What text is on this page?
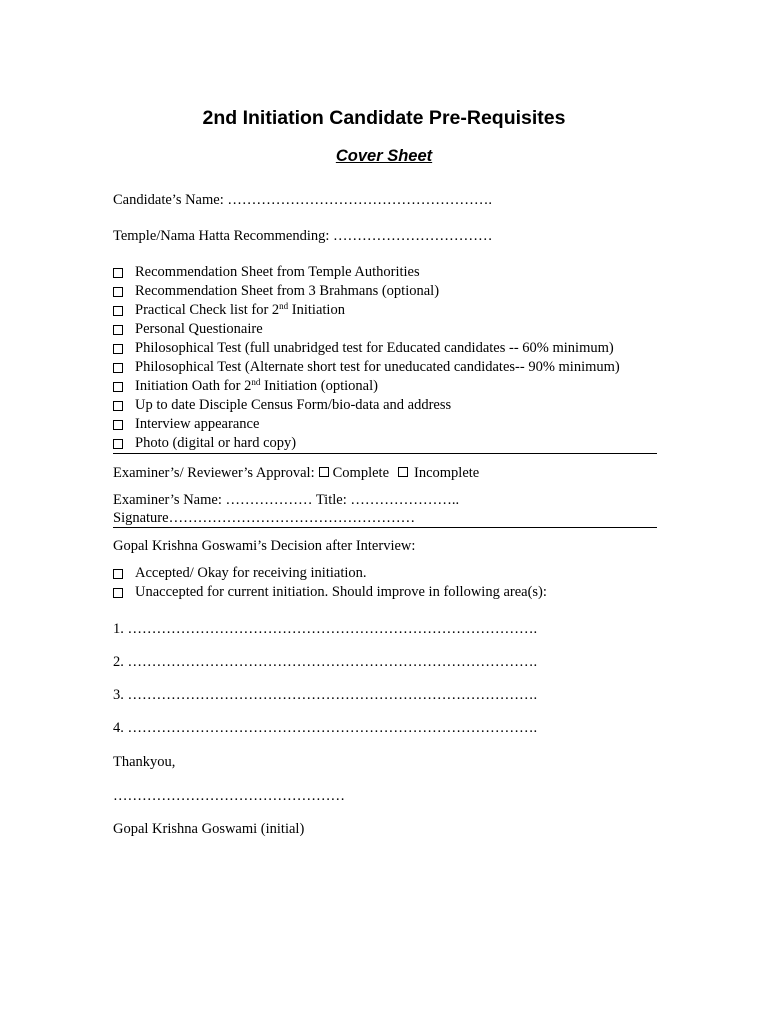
2nd Initiation Candidate Pre-Requisites
Cover Sheet
Candidate’s Name: ……………………………………………….
Temple/Nama Hatta Recommending: ……………………………
Recommendation Sheet from Temple Authorities
Recommendation Sheet from 3 Brahmans (optional)
Practical Check list for 2nd Initiation
Personal Questionaire
Philosophical Test (full unabridged test for Educated candidates -- 60% minimum)
Philosophical Test (Alternate short test for uneducated candidates-- 90% minimum)
Initiation Oath for 2nd Initiation (optional)
Up to date Disciple Census Form/bio-data and address
Interview appearance
Photo (digital or hard copy)
Examiner’s/ Reviewer’s Approval: Complete Incomplete
Examiner’s Name: ……………… Title: …………………..
Signature……………………………………………
Gopal Krishna Goswami’s Decision after Interview:
Accepted/ Okay for receiving initiation.
Unaccepted for current initiation. Should improve in following area(s):
1. ………………………………………………………………………….
2. ………………………………………………………………………….
3. ………………………………………………………………………….
4. ………………………………………………………………………….
Thankyou,
…………………………………………
Gopal Krishna Goswami (initial)
